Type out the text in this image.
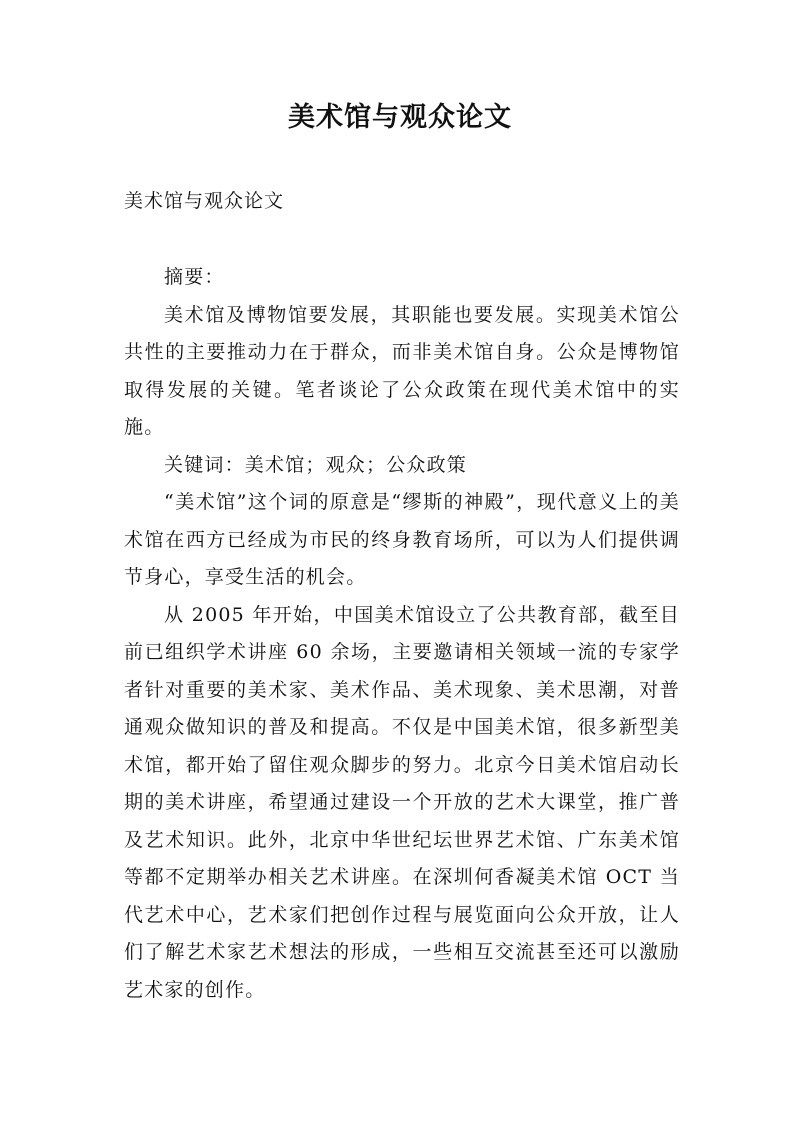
美术馆与观众论文
美术馆与观众论文

摘要：

美术馆及博物馆要发展，其职能也要发展。实现美术馆公共性的主要推动力在于群众，而非美术馆自身。公众是博物馆取得发展的关键。笔者谈论了公众政策在现代美术馆中的实施。

关键词：美术馆；观众；公众政策

“美术馆”这个词的原意是“缪斯的神殿”，现代意义上的美术馆在西方已经成为市民的终身教育场所，可以为人们提供调节身心，享受生活的机会。

从 2005 年开始，中国美术馆设立了公共教育部，截至目前已组织学术讲座 60 余场，主要邀请相关领域一流的专家学者针对重要的美术家、美术作品、美术现象、美术思潮，对普通观众做知识的普及和提高。不仅是中国美术馆，很多新型美术馆，都开始了留住观众脚步的努力。北京今日美术馆启动长期的美术讲座，希望通过建设一个开放的艺术大课堂，推广普及艺术知识。此外，北京中华世纪坛世界艺术馆、广东美术馆等都不定期举办相关艺术讲座。在深圳何香凝美术馆 OCT 当代艺术中心，艺术家们把创作过程与展览面向公众开放，让人们了解艺术家艺术想法的形成，一些相互交流甚至还可以激励艺术家的创作。
